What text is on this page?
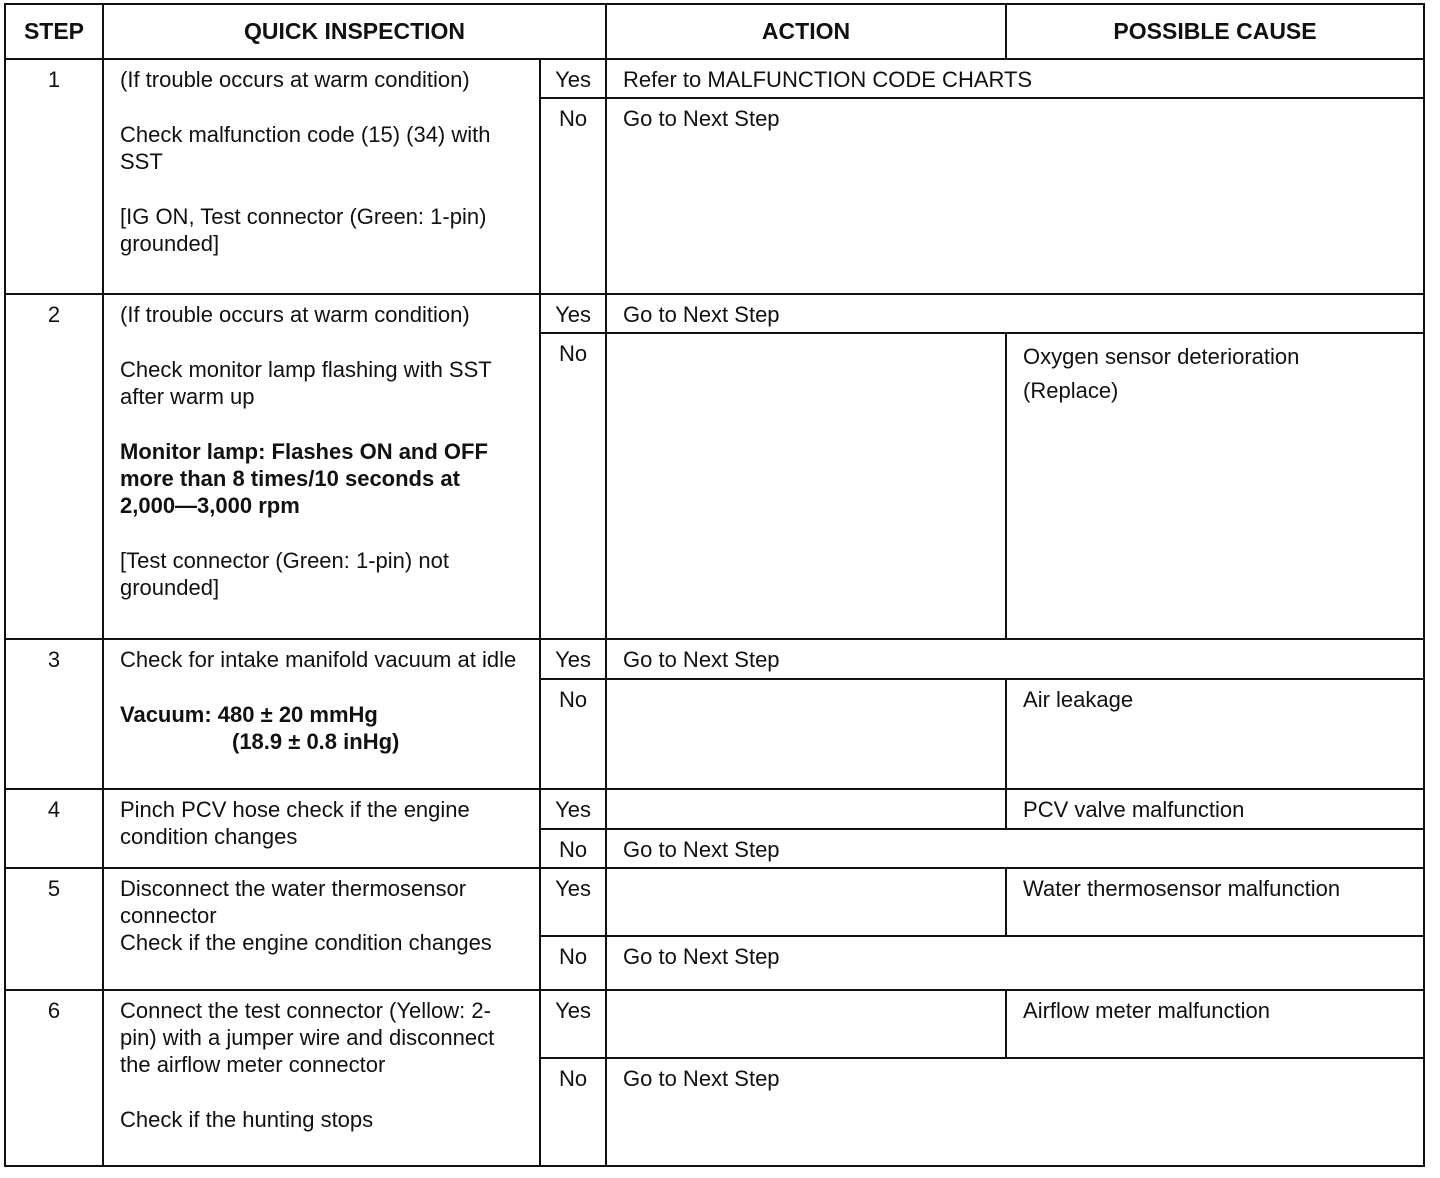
STEP	QUICK INSPECTION		ACTION	POSSIBLE CAUSE
1	(If trouble occurs at warm condition)

Check malfunction code (15) (34) with SST

[IG ON, Test connector (Green: 1-pin) grounded]	Yes	Refer to MALFUNCTION CODE CHARTS	
		No	Go to Next Step	
2	(If trouble occurs at warm condition)

Check monitor lamp flashing with SST after warm up

Monitor lamp: Flashes ON and OFF more than 8 times/10 seconds at 2,000—3,000 rpm

[Test connector (Green: 1-pin) not grounded]	Yes	Go to Next Step	
		No		Oxygen sensor deterioration

(Replace)

3	Check for intake manifold vacuum at idle

Vacuum: 480 ± 20 mmHg

(18.9 ± 0.8 inHg)	Yes	Go to Next Step	
		No		Air leakage
4	Pinch PCV hose check if the engine condition changes	Yes		PCV valve malfunction
		No	Go to Next Step	
5	Disconnect the water thermosensor connector

Check if the engine condition changes	Yes		Water thermosensor malfunction
		No	Go to Next Step	
6	Connect the test connector (Yellow: 2-pin) with a jumper wire and disconnect the airflow meter connector

Check if the hunting stops	Yes		Airflow meter malfunction
		No	Go to Next Step	
